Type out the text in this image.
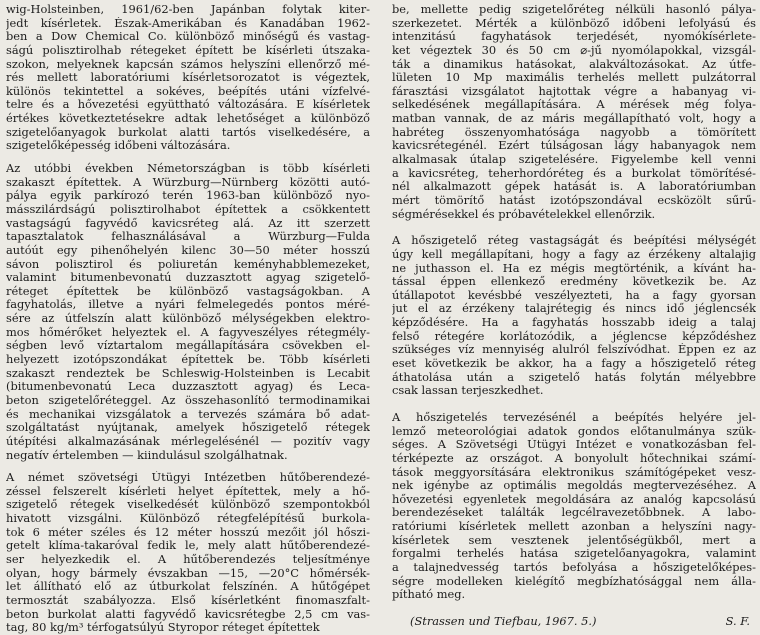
wig-Holsteinben, 1961/62-ben Japánban folytak kiter-
jedt kísérletek. Észak-Amerikában és Kanadában 1962-
ben a Dow Chemical Co. különböző minőségű és vastag-
ságú polisztirolhab rétegeket épített be kísérleti útszaka-
szokon, melyeknek kapcsán számos helyszíni ellenőrző mé-
rés mellett laboratóriumi kísérletsorozatot is végeztek,
különös tekintettel a sokéves, beépítés utáni vízfelvé-
telre és a hővezetési együttható változására. E kísérletek
értékes következtetésekre adtak lehetőséget a különböző
szigetelőanyagok burkolat alatti tartós viselkedésére, a
szigetelőképesség időbeni változására.
Az utóbbi években Németországban is több kísérleti
szakaszt építettek. A Würzburg—Nürnberg közötti autó-
pálya egyik parkírozó terén 1963-ban különböző nyo-
másszilárdságú polisztirolhabot építettek a csökkentett
vastagságú fagyvédő kavicsréteg alá. Az itt szerzett
tapasztalatok felhasználásával a Würzburg—Fulda
autóút egy pihenőhelyén kilenc 30—50 méter hosszú
sávon polisztirol és poliuretán keményhabblemezeket,
valamint bitumenbevonatú duzzasztott agyag szigetelő-
réteget építettek be különböző vastagságokban. A
fagyhatolás, illetve a nyári felmelegedés pontos méré-
sére az útfelszín alatt különböző mélységekben elektro-
mos hőmérőket helyeztek el. A fagyveszélyes rétegmély-
ségben levő víztartalom megállapítására csövekben el-
helyezett izotópszondákat építettek be. Több kísérleti
szakaszt rendeztek be Schleswig-Holsteinben is Lecabit
(bitumenbevonatú Leca duzzasztott agyag) és Leca-
beton szigetelőréteggel. Az összehasonlító termodinamikai
és mechanikai vizsgálatok a tervezés számára bő adat-
szolgáltatást nyújtanak, amelyek hőszigetelő rétegek
útépítési alkalmazásának mérlegelésénél — pozitív vagy
negatív értelemben — kiindulásul szolgálhatnak.
A német szövetségi Útügyi Intézetben hűtőberendezé-
zéssel felszerelt kísérleti helyet építettek, mely a hő-
szigetelő rétegek viselkedését különböző szempontokból
hivatott vizsgálni. Különböző rétegfelépítésű burkola-
tok 6 méter széles és 12 méter hosszú mezőit jól hőszi-
getelt klíma-takaróval fedik le, mely alatt hűtőberendezé-
ser helyezkedik el. A hűtőberendezés teljesítménye
olyan, hogy bármely évszakban —15, —20°C hőmérsék-
let állítható elő az útburkolat felszínén. A hűtőgépet
termosztát szabályozza. Első kísérletként finomaszfalt-
beton burkolat alatti fagyvédő kavicsrétegbe 2,5 cm vas-
tag, 80 kg/m³ térfogatsúlyú Styropor réteget építettek
be, mellette pedig szigetelőréteg nélküli hasonló pálya-
szerkezetet. Mérték a különböző időbeni lefolyású és
intenzitású fagyhatások terjedését, nyomókísérlete-
ket végeztek 30 és 50 cm ⌀-jű nyomólapokkal, vizsgál-
ták a dinamikus hatásokat, alakváltozásokat. Az útfe-
lületen 10 Mp maximális terhelés mellett pulzátorral
fárasztási vizsgálatot hajtottak végre a habanyag vi-
selkedésének megállapítására. A mérések még folya-
matban vannak, de az máris megállapítható volt, hogy a
habréteg összenyomhatósága nagyobb a tömörített
kavicsrétegénél. Ezért túlságosan lágy habanyagok nem
alkalmasak útalap szigetelésére. Figyelembe kell venni
a kavicsréteg, teherhordóréteg és a burkolat tömörítésé-
nél alkalmazott gépek hatását is. A laboratóriumban
mért tömörítő hatást izotópszondával ecsközölt sűrű-
ségmérésekkel és próbavételekkel ellenőrzik.
A hőszigetelő réteg vastagságát és beépítési mélységét
úgy kell megállapítani, hogy a fagy az érzékeny altalajig
ne juthasson el. Ha ez mégis megtörténik, a kívánt ha-
tással éppen ellenkező eredmény következik be. Az
útállapotot kevésbbé veszélyezteti, ha a fagy gyorsan
jut el az érzékeny talajrétegig és nincs idő jéglencsék
képződésére. Ha a fagyhatás hosszabb ideig a talaj
felső rétegére korlátozódik, a jéglencse képződéshez
szükséges víz mennyiség alulról felszívódhat. Éppen ez az
eset következik be akkor, ha a fagy a hőszigetelő réteg
áthatolása után a szigetelő hatás folytán mélyebbre
csak lassan terjeszkedhet.
A hőszigetelés tervezésénél a beépítés helyére jel-
lemző meteorológiai adatok gondos előtanulmánya szük-
séges. A Szövetségi Útügyi Intézet e vonatkozásban fel-
térképezte az országot. A bonyolult hőtechnikai számí-
tások meggyorsítására elektronikus számítógépeket vesz-
nek igénybe az optimális megoldás megtervezéséhez. A
hővezetési egyenletek megoldására az analóg kapcsolású
berendezéseket találták legcélravezetőbbnek. A labo-
ratóriumi kísérletek mellett azonban a helyszíni nagy-
kísérletek sem vesztenek jelentőségükből, mert a
forgalmi terhelés hatása szigetelőanyagokra, valamint
a talajnedvesség tartós befolyása a hőszigetelőképes-
ségre modelleken kielégítő megbízhatósággal nem álla-
pítható meg.
(Strassen und Tiefbau, 1967. 5.)	S. F.
